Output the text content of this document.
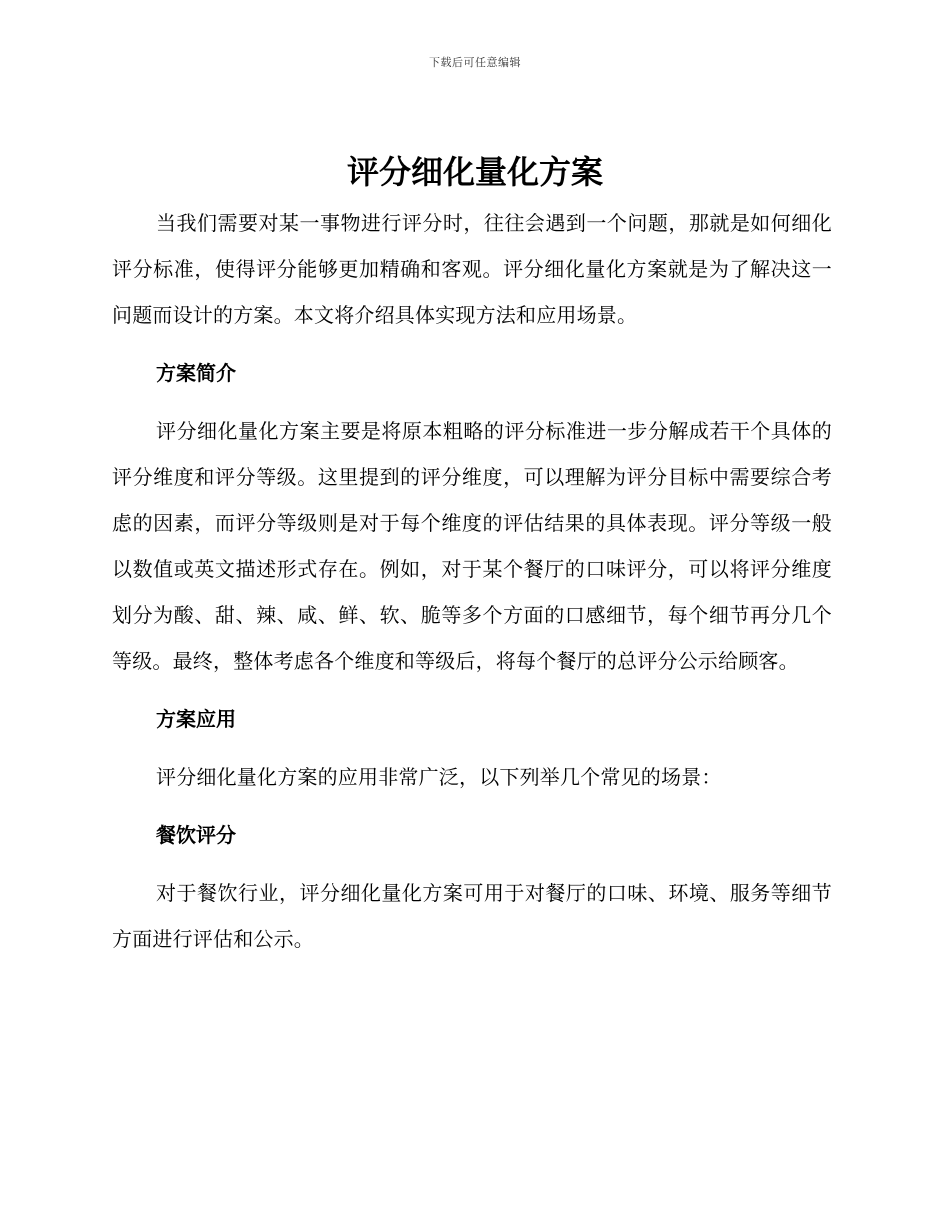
下载后可任意编辑
评分细化量化方案

当我们需要对某一事物进行评分时，往往会遇到一个问题，那就是如何细化评分标准，使得评分能够更加精确和客观。评分细化量化方案就是为了解决这一问题而设计的方案。本文将介绍具体实现方法和应用场景。

方案简介

评分细化量化方案主要是将原本粗略的评分标准进一步分解成若干个具体的评分维度和评分等级。这里提到的评分维度，可以理解为评分目标中需要综合考虑的因素，而评分等级则是对于每个维度的评估结果的具体表现。评分等级一般以数值或英文描述形式存在。例如，对于某个餐厅的口味评分，可以将评分维度划分为酸、甜、辣、咸、鲜、软、脆等多个方面的口感细节，每个细节再分几个等级。最终，整体考虑各个维度和等级后，将每个餐厅的总评分公示给顾客。

方案应用

评分细化量化方案的应用非常广泛，以下列举几个常见的场景：

餐饮评分

对于餐饮行业，评分细化量化方案可用于对餐厅的口味、环境、服务等细节方面进行评估和公示。
